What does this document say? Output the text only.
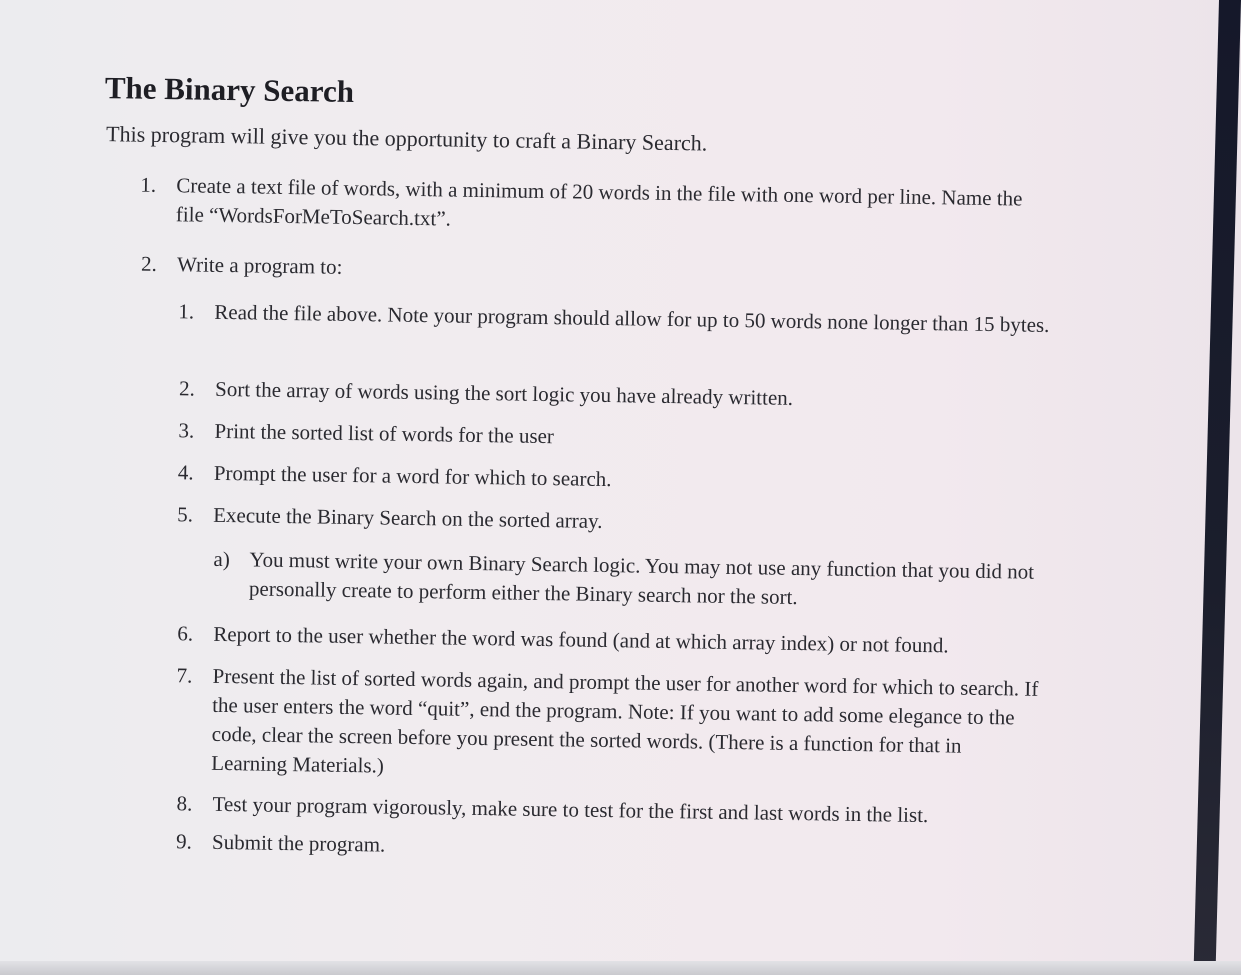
The Binary Search

This program will give you the opportunity to craft a Binary Search.

1. Create a text file of words, with a minimum of 20 words in the file with one word per line. Name the file “WordsForMeToSearch.txt”.
2. Write a program to:
1. Read the file above. Note your program should allow for up to 50 words none longer than 15 bytes.
2. Sort the array of words using the sort logic you have already written.
3. Print the sorted list of words for the user
4. Prompt the user for a word for which to search.
5. Execute the Binary Search on the sorted array.
a) You must write your own Binary Search logic. You may not use any function that you did not personally create to perform either the Binary search nor the sort.
6. Report to the user whether the word was found (and at which array index) or not found.
7. Present the list of sorted words again, and prompt the user for another word for which to search. If the user enters the word “quit”, end the program. Note: If you want to add some elegance to the code, clear the screen before you present the sorted words. (There is a function for that in Learning Materials.)
8. Test your program vigorously, make sure to test for the first and last words in the list.
9. Submit the program.
